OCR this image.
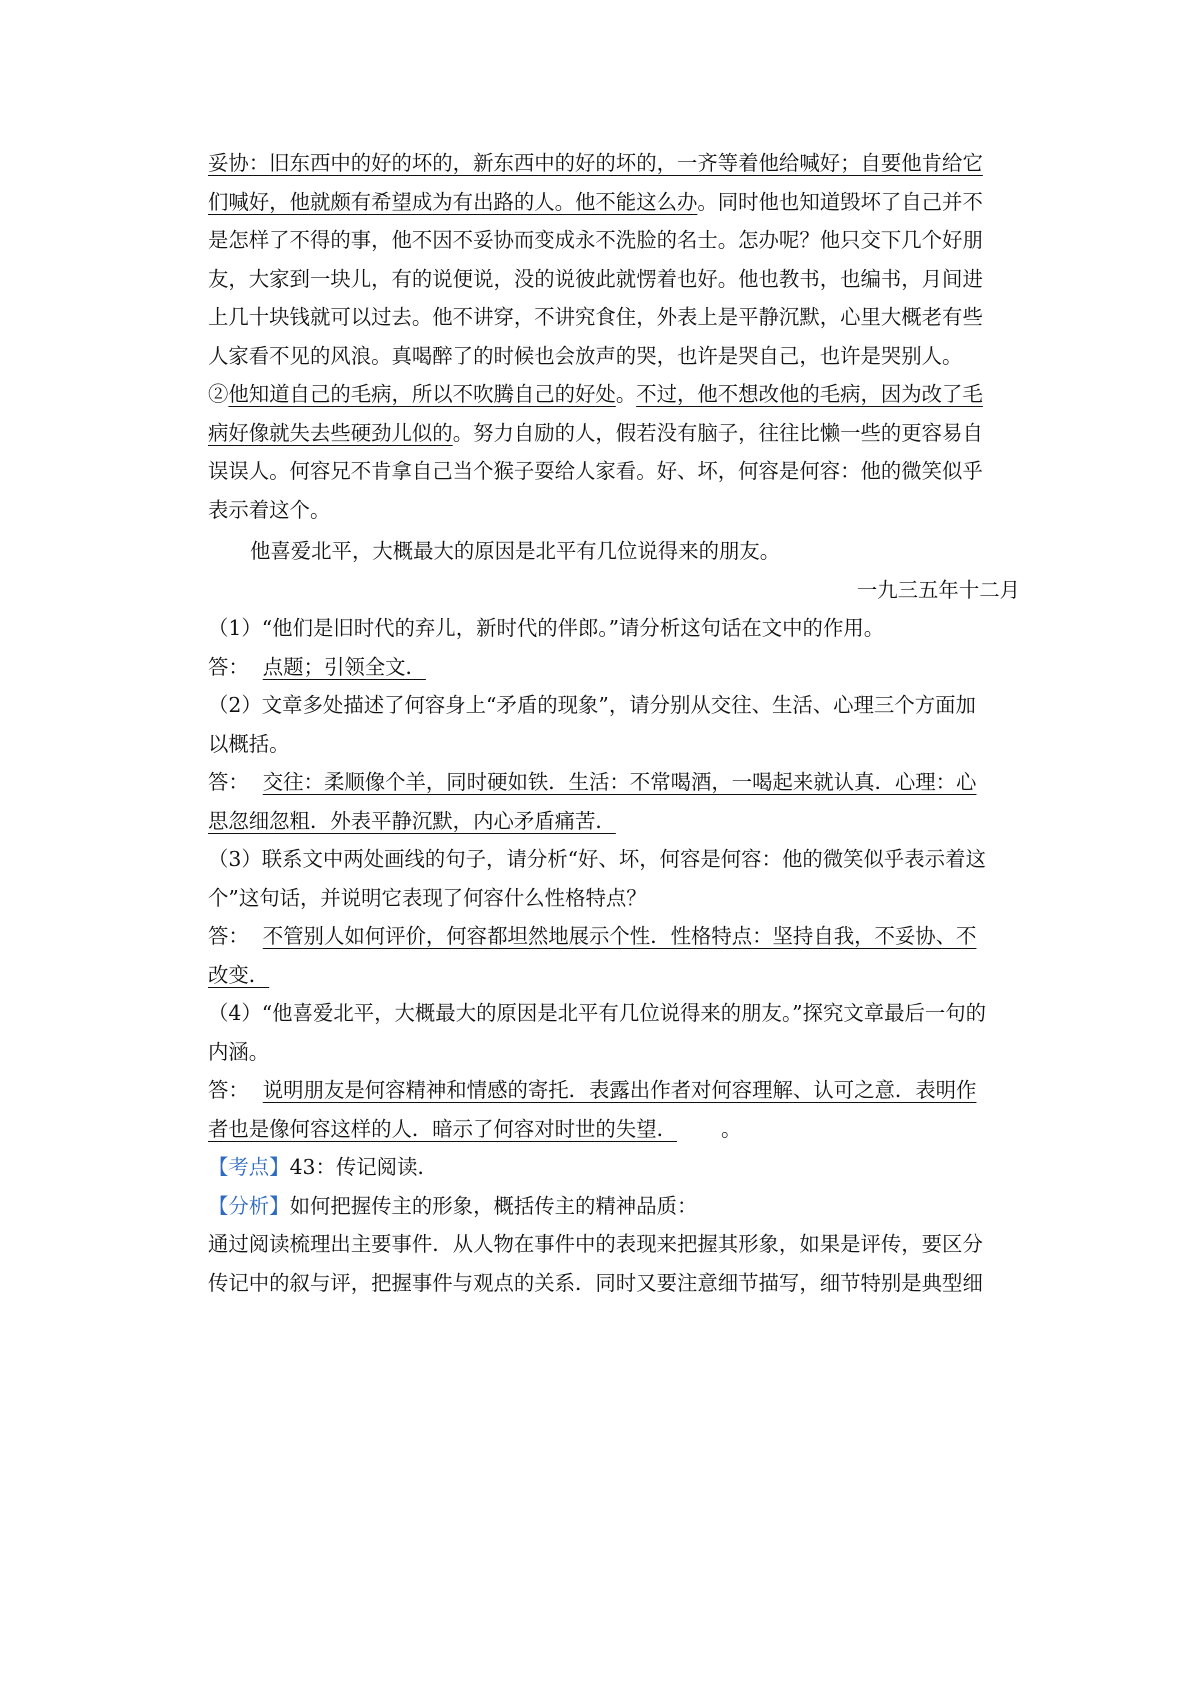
妥协：旧东西中的好的坏的，新东西中的好的坏的，一齐等着他给喊好；自要他肯给它
们喊好，他就颇有希望成为有出路的人。他不能这么办。同时他也知道毁坏了自己并不
是怎样了不得的事，他不因不妥协而变成永不洗脸的名士。怎办呢？他只交下几个好朋
友，大家到一块儿，有的说便说，没的说彼此就愣着也好。他也教书，也编书，月间进
上几十块钱就可以过去。他不讲穿，不讲究食住，外表上是平静沉默，心里大概老有些
人家看不见的风浪。真喝醉了的时候也会放声的哭，也许是哭自己，也许是哭别人。
②他知道自己的毛病，所以不吹腾自己的好处。不过，他不想改他的毛病，因为改了毛
病好像就失去些硬劲儿似的。努力自励的人，假若没有脑子，往往比懒一些的更容易自
误误人。何容兄不肯拿自己当个猴子耍给人家看。好、坏，何容是何容：他的微笑似乎
表示着这个。
他喜爱北平，大概最大的原因是北平有几位说得来的朋友。
一九三五年十二月
（1）“他们是旧时代的弃儿，新时代的伴郎。”请分析这句话在文中的作用。
答： 点题；引领全文．
（2）文章多处描述了何容身上“矛盾的现象”，请分别从交往、生活、心理三个方面加
以概括。
答： 交往：柔顺像个羊，同时硬如铁．生活：不常喝酒，一喝起来就认真．心理：心
思忽细忽粗．外表平静沉默，内心矛盾痛苦．
（3）联系文中两处画线的句子，请分析“好、坏，何容是何容：他的微笑似乎表示着这
个”这句话，并说明它表现了何容什么性格特点？
答： 不管别人如何评价，何容都坦然地展示个性．性格特点：坚持自我，不妥协、不
改变．
（4）“他喜爱北平，大概最大的原因是北平有几位说得来的朋友。”探究文章最后一句的
内涵。
答： 说明朋友是何容精神和情感的寄托．表露出作者对何容理解、认可之意．表明作
者也是像何容这样的人．暗示了何容对时世的失望． 。
【考点】43：传记阅读．
【分析】如何把握传主的形象，概括传主的精神品质：
通过阅读梳理出主要事件．从人物在事件中的表现来把握其形象，如果是评传，要区分
传记中的叙与评，把握事件与观点的关系．同时又要注意细节描写，细节特别是典型细
